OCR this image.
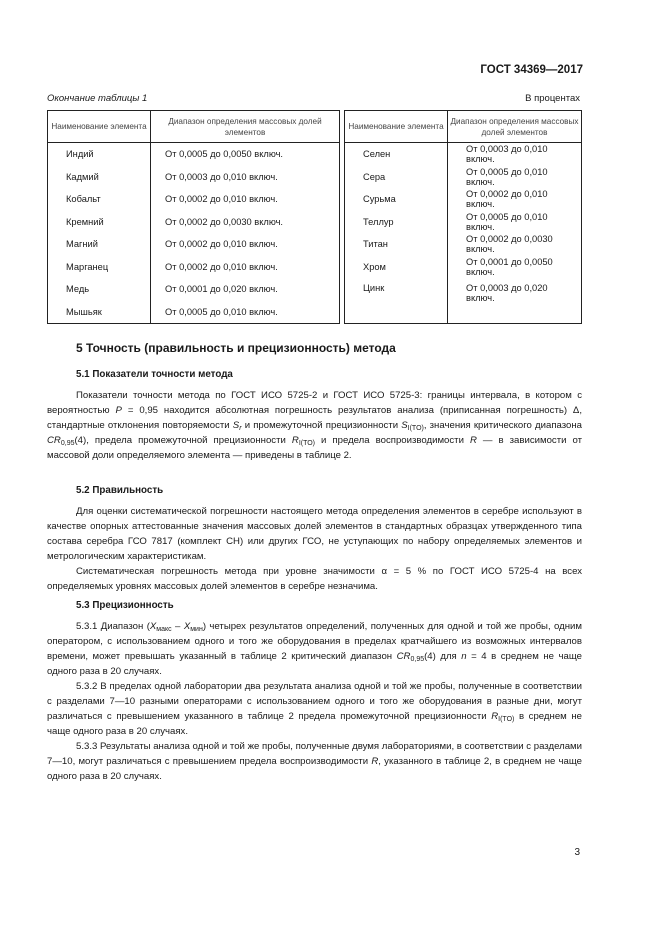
ГОСТ 34369—2017
Окончание таблицы 1	В процентах
Наименование элемента	Диапазон определения массовых долей элементов		Наименование элемента	Диапазон определения массовых долей элементов
Индий	От 0,0005 до 0,0050 включ.		Селен	От 0,0003 до 0,010 включ.
Кадмий	От 0,0003 до 0,010 включ.		Сера	От 0,0005 до 0,010 включ.
Кобальт	От 0,0002 до 0,010 включ.		Сурьма	От 0,0002 до 0,010 включ.
Кремний	От 0,0002 до 0,0030 включ.		Теллур	От 0,0005 до 0,010 включ.
Магний	От 0,0002 до 0,010 включ.		Титан	От 0,0002 до 0,0030 включ.
Марганец	От 0,0002 до 0,010 включ.		Хром	От 0,0001 до 0,0050 включ.
Медь	От 0,0001 до 0,020 включ.		Цинк	От 0,0003 до 0,020 включ.
Мышьяк	От 0,0005 до 0,010 включ.			
5 Точность (правильность и прецизионность) метода
5.1 Показатели точности метода

Показатели точности метода по ГОСТ ИСО 5725-2 и ГОСТ ИСО 5725-3: границы интервала, в котором с вероятностью P = 0,95 находится абсолютная погрешность результатов анализа (приписанная погрешность) Δ, стандартные отклонения повторяемости $S_r$ и промежуточной прецизионности $S_{I(TO)}$, значения критического диапазона $CR_{0,95}(4)$, предела промежуточной прецизионности $R_{I(TO)}$ и предела воспроизводимости R — в зависимости от массовой доли определяемого элемента — приведены в таблице 2.

5.2 Правильность

Для оценки систематической погрешности настоящего метода определения элементов в серебре используют в качестве опорных аттестованные значения массовых долей элементов в стандартных образцах утвержденного типа состава серебра ГСО 7817 (комплект СН) или других ГСО, не уступающих по набору определяемых элементов и метрологическим характеристикам.

Систематическая погрешность метода при уровне значимости α = 5 % по ГОСТ ИСО 5725-4 на всех определяемых уровнях массовых долей элементов в серебре незначима.

5.3 Прецизионность

5.3.1 Диапазон $(X_{макс} - X_{мин})$ четырех результатов определений, полученных для одной и той же пробы, одним оператором, с использованием одного и того же оборудования в пределах кратчайшего из возможных интервалов времени, может превышать указанный в таблице 2 критический диапазон $CR_{0,95}(4)$ для n = 4 в среднем не чаще одного раза в 20 случаях.

5.3.2 В пределах одной лаборатории два результата анализа одной и той же пробы, полученные в соответствии с разделами 7—10 разными операторами с использованием одного и того же оборудования в разные дни, могут различаться с превышением указанного в таблице 2 предела промежуточной прецизионности $R_{I(TO)}$ в среднем не чаще одного раза в 20 случаях.

5.3.3 Результаты анализа одной и той же пробы, полученные двумя лабораториями, в соответствии с разделами 7—10, могут различаться с превышением предела воспроизводимости R, указанного в таблице 2, в среднем не чаще одного раза в 20 случаях.

3
